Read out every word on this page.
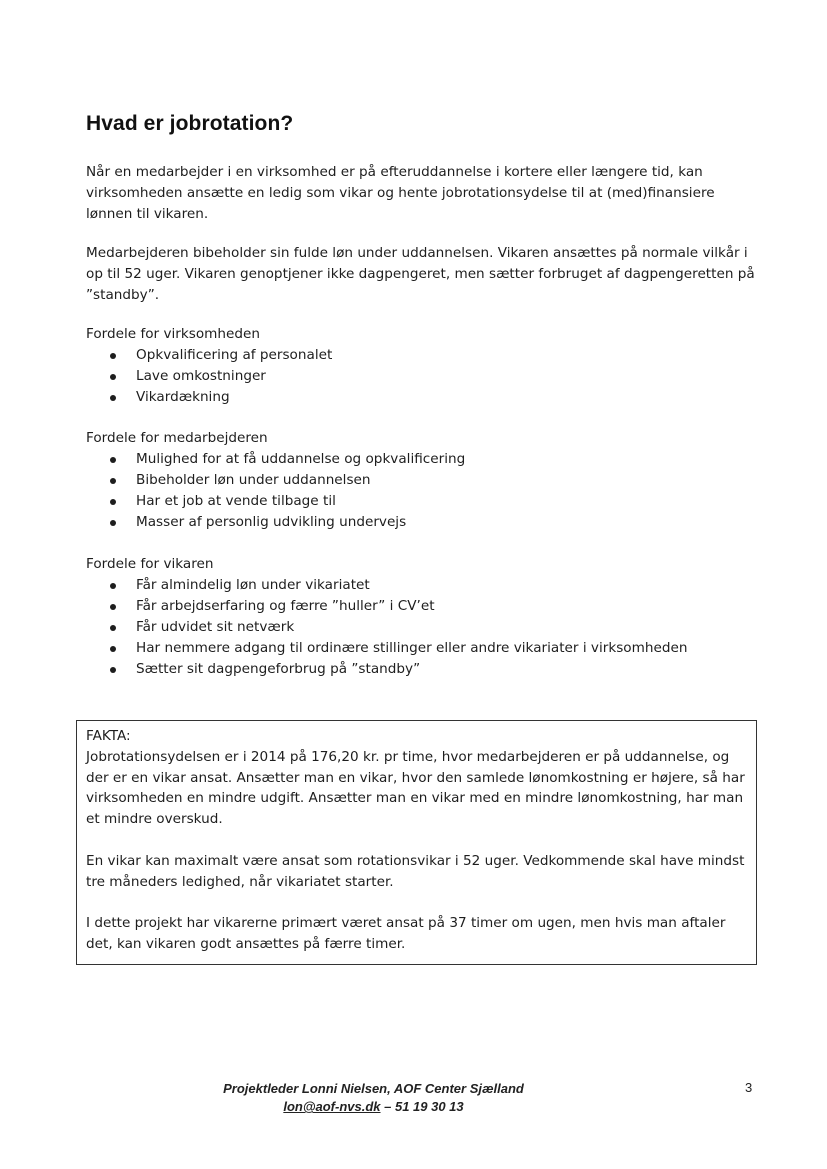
Hvad er jobrotation?

Når en medarbejder i en virksomhed er på efteruddannelse i kortere eller længere tid, kan virksomheden ansætte en ledig som vikar og hente jobrotationsydelse til at (med)finansiere lønnen til vikaren.

Medarbejderen bibeholder sin fulde løn under uddannelsen. Vikaren ansættes på normale vilkår i op til 52 uger. Vikaren genoptjener ikke dagpengeret, men sætter forbruget af dagpengeretten på ”standby”.

Fordele for virksomheden

Opkvalificering af personalet
Lave omkostninger
Vikardækning

Fordele for medarbejderen

Mulighed for at få uddannelse og opkvalificering
Bibeholder løn under uddannelsen
Har et job at vende tilbage til
Masser af personlig udvikling undervejs

Fordele for vikaren

Får almindelig løn under vikariatet
Får arbejdserfaring og færre ”huller” i CV’et
Får udvidet sit netværk
Har nemmere adgang til ordinære stillinger eller andre vikariater i virksomheden
Sætter sit dagpengeforbrug på ”standby”

FAKTA:

Jobrotationsydelsen er i 2014 på 176,20 kr. pr time, hvor medarbejderen er på uddannelse, og der er en vikar ansat. Ansætter man en vikar, hvor den samlede lønomkostning er højere, så har virksomheden en mindre udgift. Ansætter man en vikar med en mindre lønomkostning, har man et mindre overskud.

En vikar kan maximalt være ansat som rotationsvikar i 52 uger. Vedkommende skal have mindst tre måneders ledighed, når vikariatet starter.

I dette projekt har vikarerne primært været ansat på 37 timer om ugen, men hvis man aftaler det, kan vikaren godt ansættes på færre timer.

Projektleder Lonni Nielsen, AOF Center Sjælland
lon@aof-nvs.dk – 51 19 30 13
3
